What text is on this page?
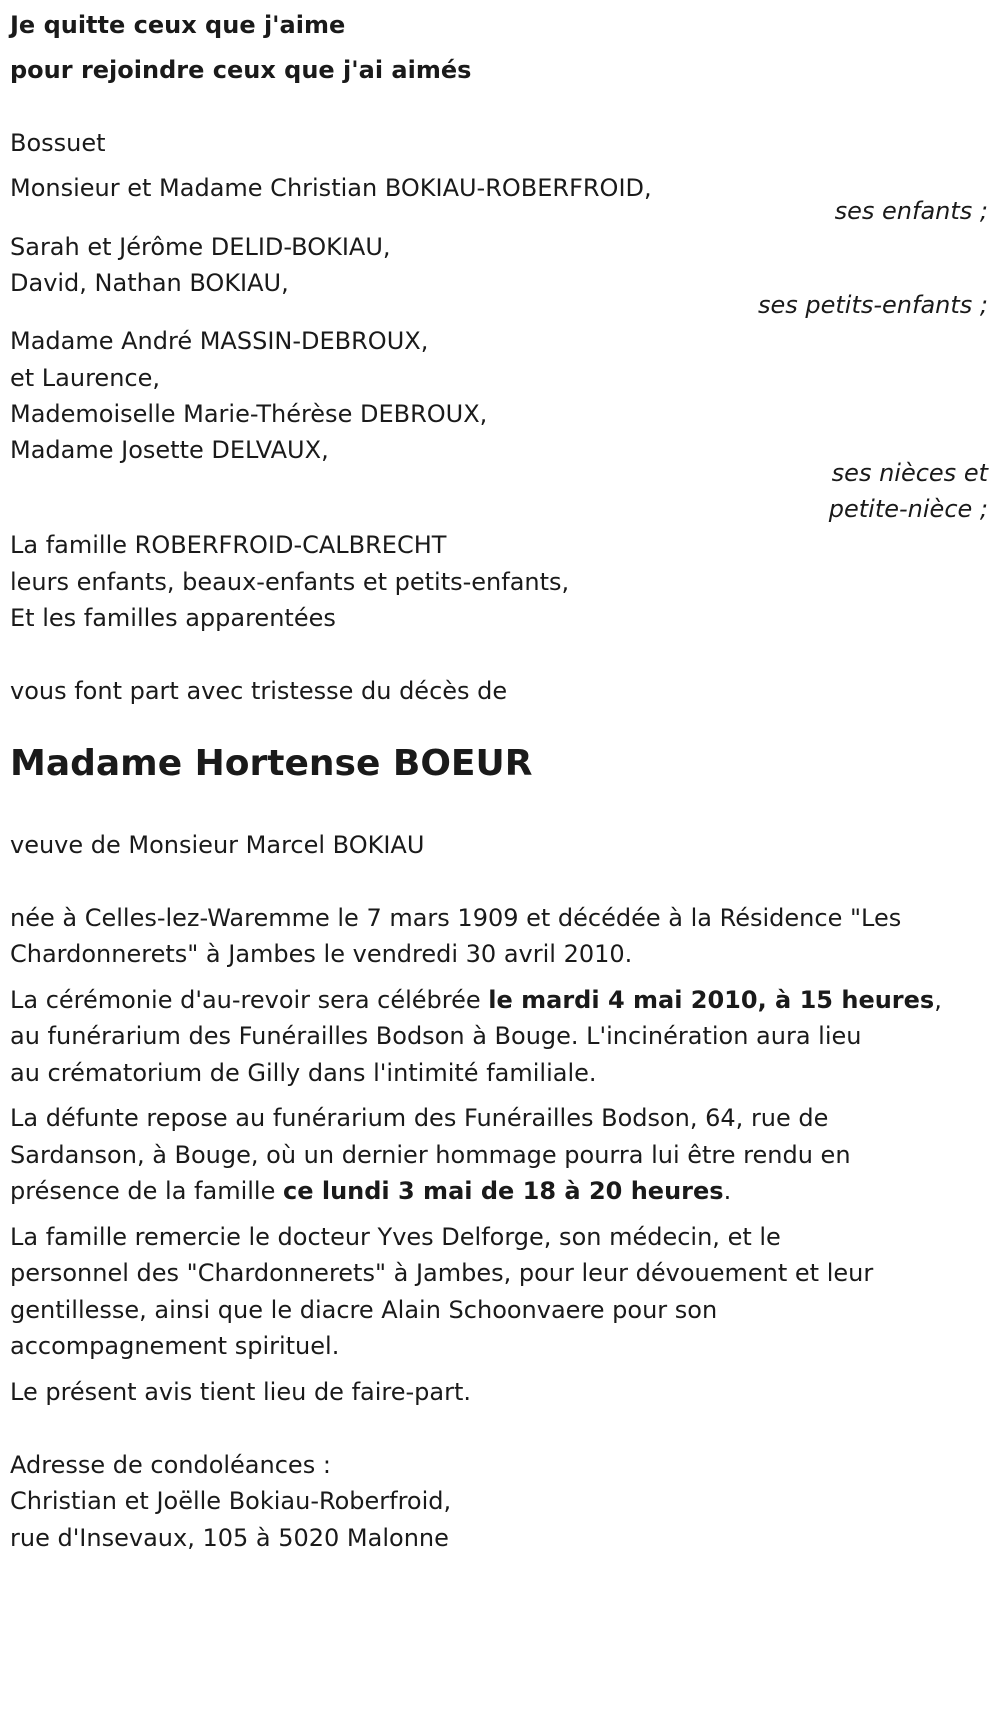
Je quitte ceux que j'aime
pour rejoindre ceux que j'ai aimés
Bossuet
Monsieur et Madame Christian BOKIAU-ROBERFROID,
ses enfants ;
Sarah et Jérôme DELID-BOKIAU,
David, Nathan BOKIAU,
ses petits-enfants ;
Madame André MASSIN-DEBROUX,
et Laurence,
Mademoiselle Marie-Thérèse DEBROUX,
Madame Josette DELVAUX,
ses nièces et
petite-nièce ;
La famille ROBERFROID-CALBRECHT
leurs enfants, beaux-enfants et petits-enfants,
Et les familles apparentées
vous font part avec tristesse du décès de
Madame Hortense BOEUR
veuve de Monsieur Marcel BOKIAU
née à Celles-lez-Waremme le 7 mars 1909 et décédée à la Résidence "Les
Chardonnerets" à Jambes le vendredi 30 avril 2010.
La cérémonie d'au-revoir sera célébrée le mardi 4 mai 2010, à 15 heures,
au funérarium des Funérailles Bodson à Bouge. L'incinération aura lieu
au crématorium de Gilly dans l'intimité familiale.
La défunte repose au funérarium des Funérailles Bodson, 64, rue de
Sardanson, à Bouge, où un dernier hommage pourra lui être rendu en
présence de la famille ce lundi 3 mai de 18 à 20 heures.
La famille remercie le docteur Yves Delforge, son médecin, et le
personnel des "Chardonnerets" à Jambes, pour leur dévouement et leur
gentillesse, ainsi que le diacre Alain Schoonvaere pour son
accompagnement spirituel.
Le présent avis tient lieu de faire-part.
Adresse de condoléances :
Christian et Joëlle Bokiau-Roberfroid,
rue d'Insevaux, 105 à 5020 Malonne
